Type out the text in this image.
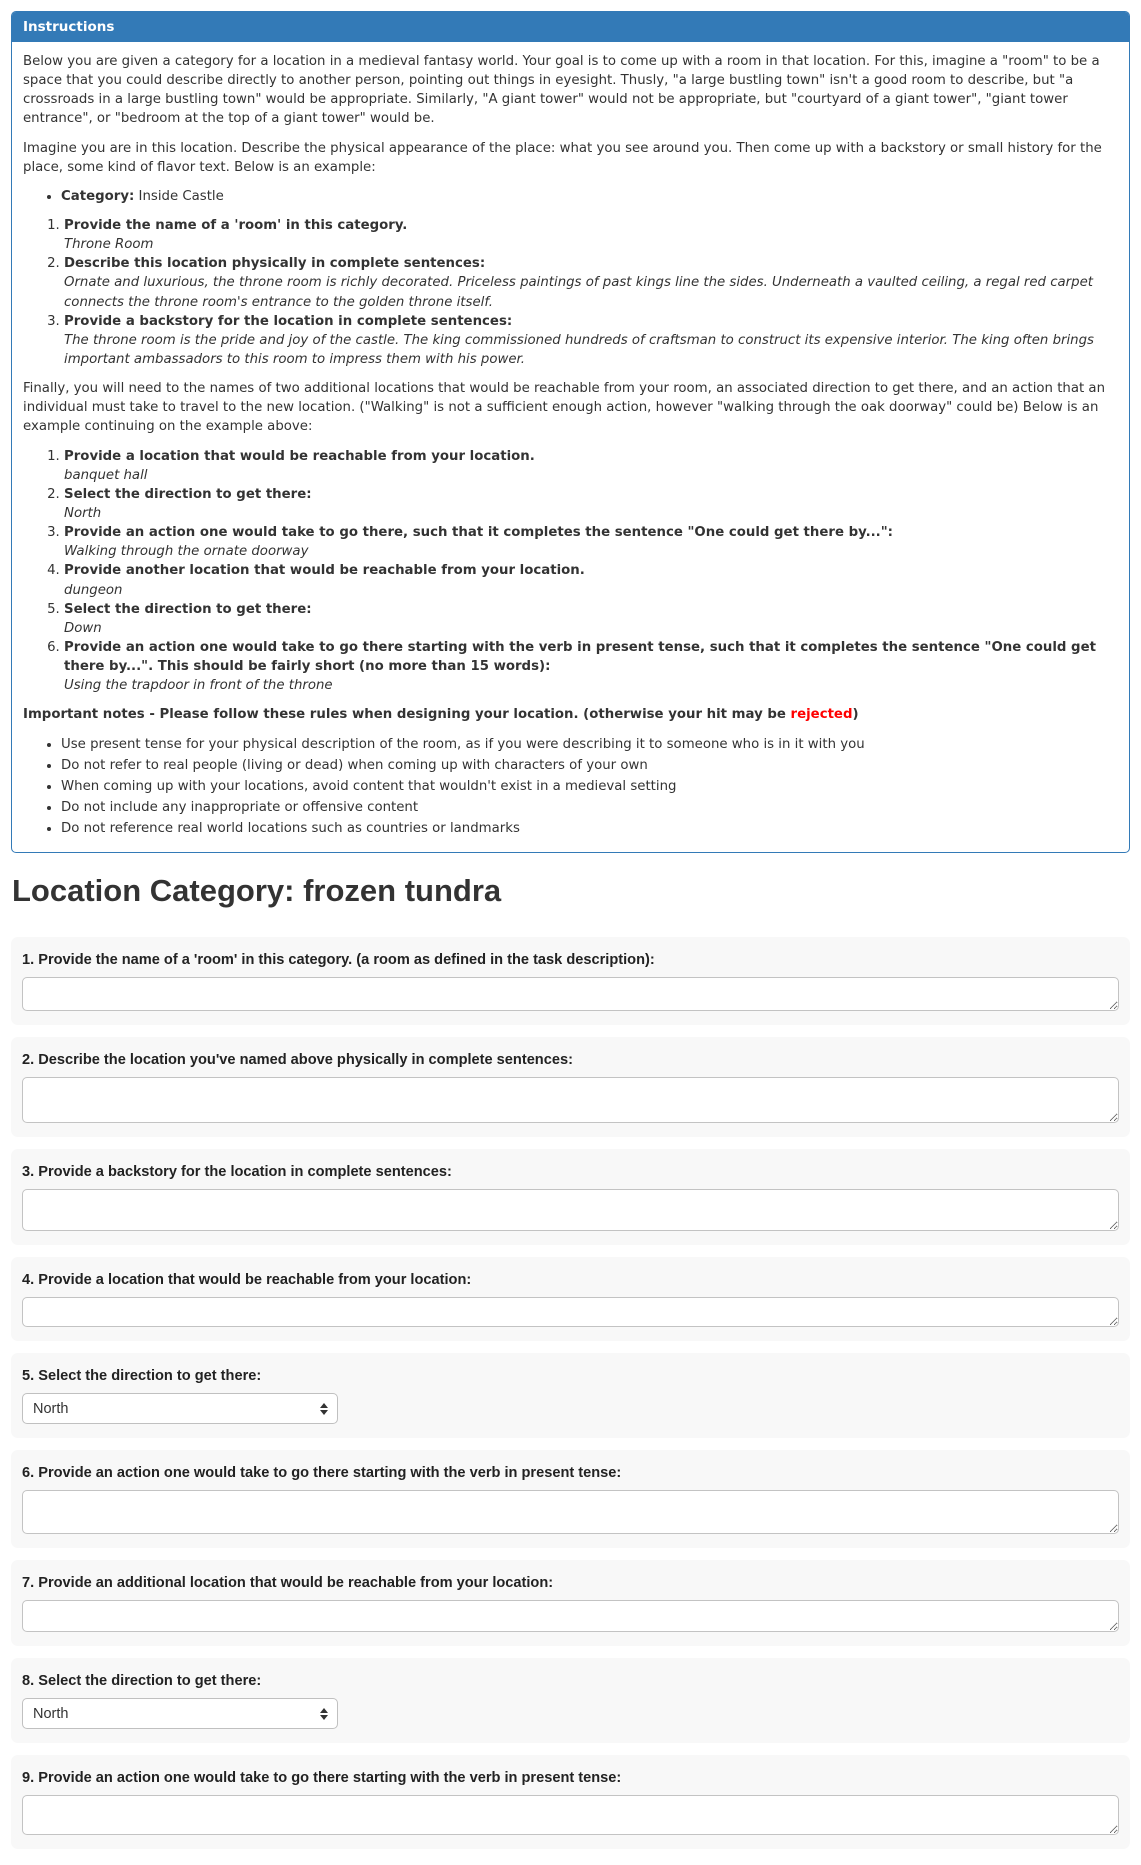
Instructions

Below you are given a category for a location in a medieval fantasy world. Your goal is to come up with a room in that location. For this, imagine a "room" to be a space that you could describe directly to another person, pointing out things in eyesight. Thusly, "a large bustling town" isn't a good room to describe, but "a crossroads in a large bustling town" would be appropriate. Similarly, "A giant tower" would not be appropriate, but "courtyard of a giant tower", "giant tower entrance", or "bedroom at the top of a giant tower" would be.

Imagine you are in this location. Describe the physical appearance of the place: what you see around you. Then come up with a backstory or small history for the place, some kind of flavor text. Below is an example:

• Category: Inside Castle
1. Provide the name of a 'room' in this category.
Throne Room
2. Describe this location physically in complete sentences:
Ornate and luxurious, the throne room is richly decorated. Priceless paintings of past kings line the sides. Underneath a vaulted ceiling, a regal red carpet connects the throne room's entrance to the golden throne itself.
3. Provide a backstory for the location in complete sentences:
The throne room is the pride and joy of the castle. The king commissioned hundreds of craftsman to construct its expensive interior. The king often brings important ambassadors to this room to impress them with his power.

Finally, you will need to the names of two additional locations that would be reachable from your room, an associated direction to get there, and an action that an individual must take to travel to the new location. ("Walking" is not a sufficient enough action, however "walking through the oak doorway" could be) Below is an example continuing on the example above:

1. Provide a location that would be reachable from your location.
banquet hall
2. Select the direction to get there:
North
3. Provide an action one would take to go there, such that it completes the sentence "One could get there by...":
Walking through the ornate doorway
4. Provide another location that would be reachable from your location.
dungeon
5. Select the direction to get there:
Down
6. Provide an action one would take to go there starting with the verb in present tense, such that it completes the sentence "One could get there by...". This should be fairly short (no more than 15 words):
Using the trapdoor in front of the throne

Important notes - Please follow these rules when designing your location. (otherwise your hit may be rejected)

• Use present tense for your physical description of the room, as if you were describing it to someone who is in it with you
• Do not refer to real people (living or dead) when coming up with characters of your own
• When coming up with your locations, avoid content that wouldn't exist in a medieval setting
• Do not include any inappropriate or offensive content
• Do not reference real world locations such as countries or landmarks
Location Category: frozen tundra
1. Provide the name of a 'room' in this category. (a room as defined in the task description):
2. Describe the location you've named above physically in complete sentences:
3. Provide a backstory for the location in complete sentences:
4. Provide a location that would be reachable from your location:
5. Select the direction to get there:
North
6. Provide an action one would take to go there starting with the verb in present tense:
7. Provide an additional location that would be reachable from your location:
8. Select the direction to get there:
North
9. Provide an action one would take to go there starting with the verb in present tense:
